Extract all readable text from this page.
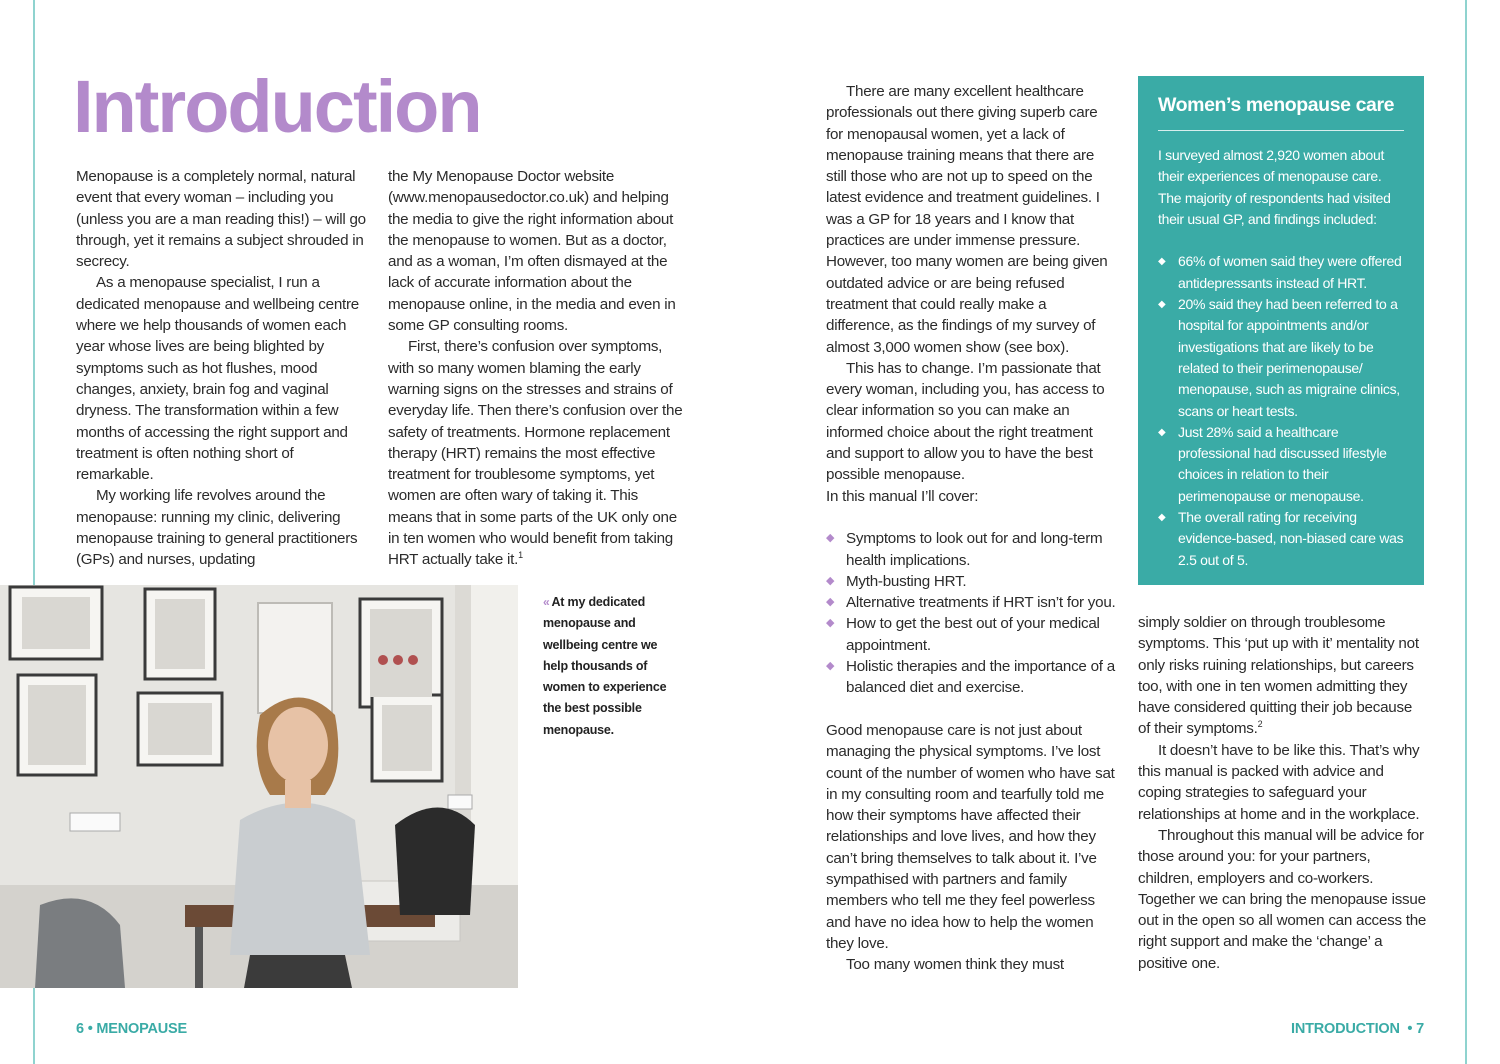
Introduction

Menopause is a completely normal, natural event that every woman – including you (unless you are a man reading this!) – will go through, yet it remains a subject shrouded in secrecy.

As a menopause specialist, I run a dedicated menopause and wellbeing centre where we help thousands of women each year whose lives are being blighted by symptoms such as hot flushes, mood changes, anxiety, brain fog and vaginal dryness. The transformation within a few months of accessing the right support and treatment is often nothing short of remarkable.

My working life revolves around the menopause: running my clinic, delivering menopause training to general practitioners (GPs) and nurses, updating

the My Menopause Doctor website (www.menopausedoctor.co.uk) and helping the media to give the right information about the menopause to women. But as a doctor, and as a woman, I’m often dismayed at the lack of accurate information about the menopause online, in the media and even in some GP consulting rooms.

First, there’s confusion over symptoms, with so many women blaming the early warning signs on the stresses and strains of everyday life. Then there’s confusion over the safety of treatments. Hormone replacement therapy (HRT) remains the most effective treatment for troublesome symptoms, yet women are often wary of taking it. This means that in some parts of the UK only one in ten women who would benefit from taking HRT actually take it.$^1$

« At my dedicated menopause and wellbeing centre we help thousands of women to experience the best possible menopause.

There are many excellent healthcare professionals out there giving superb care for menopausal women, yet a lack of menopause training means that there are still those who are not up to speed on the latest evidence and treatment guidelines. I was a GP for 18 years and I know that practices are under immense pressure. However, too many women are being given outdated advice or are being refused treatment that could really make a difference, as the findings of my survey of almost 3,000 women show (see box).

This has to change. I’m passionate that every woman, including you, has access to clear information so you can make an informed choice about the right treatment and support to allow you to have the best possible menopause.

In this manual I’ll cover:

◆ Symptoms to look out for and long-term health implications.
◆ Myth-busting HRT.
◆ Alternative treatments if HRT isn’t for you.
◆ How to get the best out of your medical appointment.
◆ Holistic therapies and the importance of a balanced diet and exercise.

Good menopause care is not just about managing the physical symptoms. I’ve lost count of the number of women who have sat in my consulting room and tearfully told me how their symptoms have affected their relationships and love lives, and how they can’t bring themselves to talk about it. I’ve sympathised with partners and family members who tell me they feel powerless and have no idea how to help the women they love.

Too many women think they must

Women’s menopause care

I surveyed almost 2,920 women about their experiences of menopause care. The majority of respondents had visited their usual GP, and findings included:

◆ 66% of women said they were offered antidepressants instead of HRT.
◆ 20% said they had been referred to a hospital for appointments and/or investigations that are likely to be related to their perimenopause/ menopause, such as migraine clinics, scans or heart tests.
◆ Just 28% said a healthcare professional had discussed lifestyle choices in relation to their perimenopause or menopause.
◆ The overall rating for receiving evidence-based, non-biased care was 2.5 out of 5.

simply soldier on through troublesome symptoms. This ‘put up with it’ mentality not only risks ruining relationships, but careers too, with one in ten women admitting they have considered quitting their job because of their symptoms.$^2$

It doesn’t have to be like this. That’s why this manual is packed with advice and coping strategies to safeguard your relationships at home and in the workplace.

Throughout this manual will be advice for those around you: for your partners, children, employers and co-workers. Together we can bring the menopause issue out in the open so all women can access the right support and make the ‘change’ a positive one.

6 • MENOPAUSE	INTRODUCTION  • 7
